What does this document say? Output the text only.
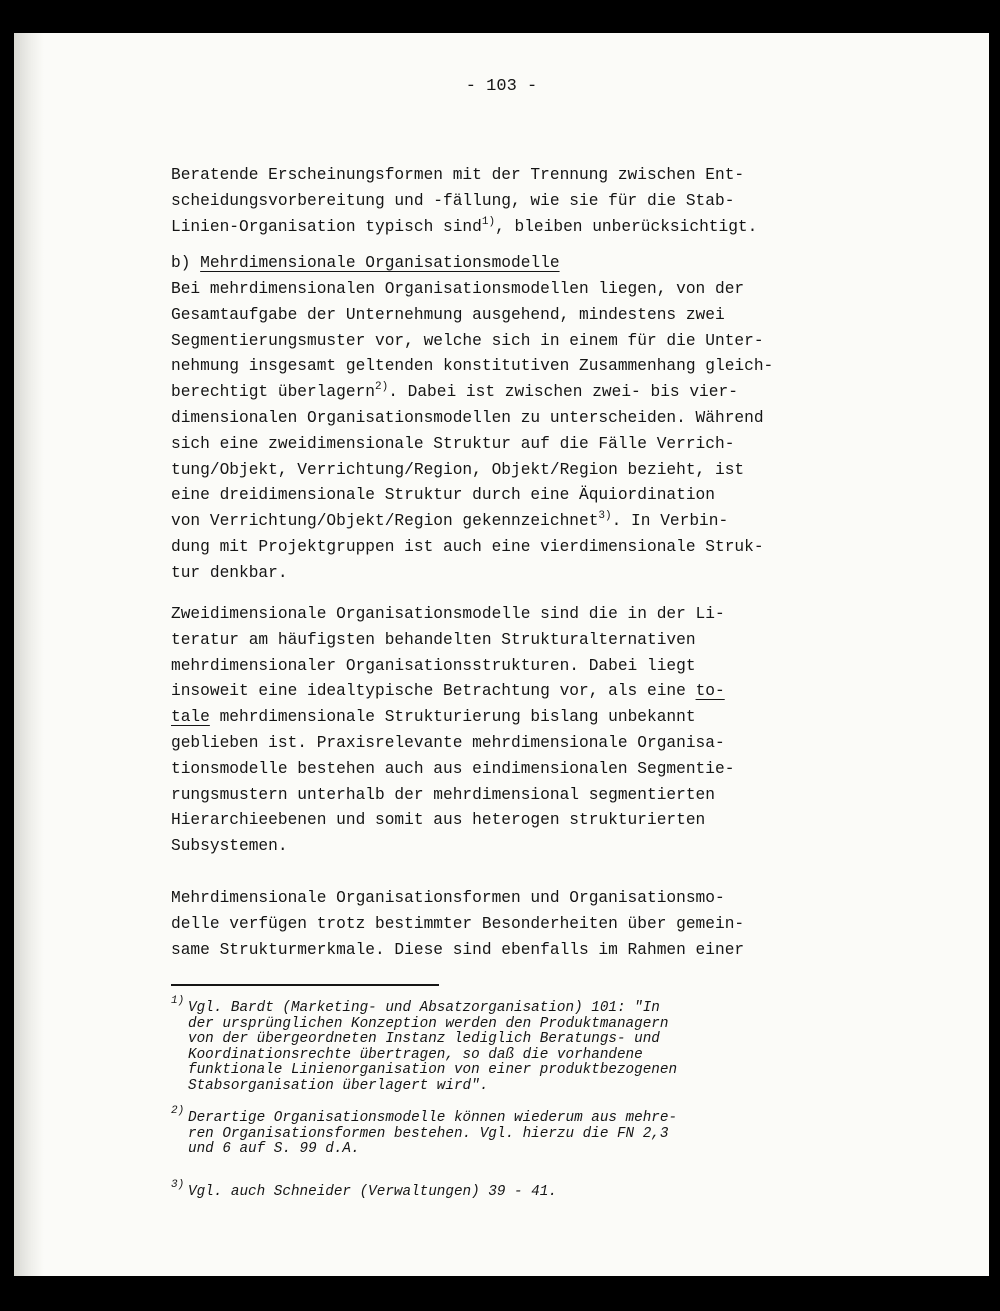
- 103 -
Beratende Erscheinungsformen mit der Trennung zwischen Ent-
scheidungsvorbereitung und -fällung, wie sie für die Stab-
Linien-Organisation typisch sind$^{1)}$, bleiben unberücksichtigt.
b) Mehrdimensionale Organisationsmodelle
Bei mehrdimensionalen Organisationsmodellen liegen, von der
Gesamtaufgabe der Unternehmung ausgehend, mindestens zwei
Segmentierungsmuster vor, welche sich in einem für die Unter-
nehmung insgesamt geltenden konstitutiven Zusammenhang gleich-
berechtigt überlagern$^{2)}$. Dabei ist zwischen zwei- bis vier-
dimensionalen Organisationsmodellen zu unterscheiden. Während
sich eine zweidimensionale Struktur auf die Fälle Verrich-
tung/Objekt, Verrichtung/Region, Objekt/Region bezieht, ist
eine dreidimensionale Struktur durch eine Äquiordination
von Verrichtung/Objekt/Region gekennzeichnet$^{3)}$. In Verbin-
dung mit Projektgruppen ist auch eine vierdimensionale Struk-
tur denkbar.
Zweidimensionale Organisationsmodelle sind die in der Li-
teratur am häufigsten behandelten Strukturalternativen
mehrdimensionaler Organisationsstrukturen. Dabei liegt
insoweit eine idealtypische Betrachtung vor, als eine to-
tale mehrdimensionale Strukturierung bislang unbekannt
geblieben ist. Praxisrelevante mehrdimensionale Organisa-
tionsmodelle bestehen auch aus eindimensionalen Segmentie-
rungsmustern unterhalb der mehrdimensional segmentierten
Hierarchieebenen und somit aus heterogen strukturierten
Subsystemen.
Mehrdimensionale Organisationsformen und Organisationsmo-
delle verfügen trotz bestimmter Besonderheiten über gemein-
same Strukturmerkmale. Diese sind ebenfalls im Rahmen einer
1) Vgl. Bardt (Marketing- und Absatzorganisation) 101: "In
der ursprünglichen Konzeption werden den Produktmanagern
von der übergeordneten Instanz lediglich Beratungs- und
Koordinationsrechte übertragen, so daß die vorhandene
funktionale Linienorganisation von einer produktbezogenen
Stabsorganisation überlagert wird".
2) Derartige Organisationsmodelle können wiederum aus mehre-
ren Organisationsformen bestehen. Vgl. hierzu die FN 2,3
und 6 auf S. 99 d.A.
3) Vgl. auch Schneider (Verwaltungen) 39 - 41.
